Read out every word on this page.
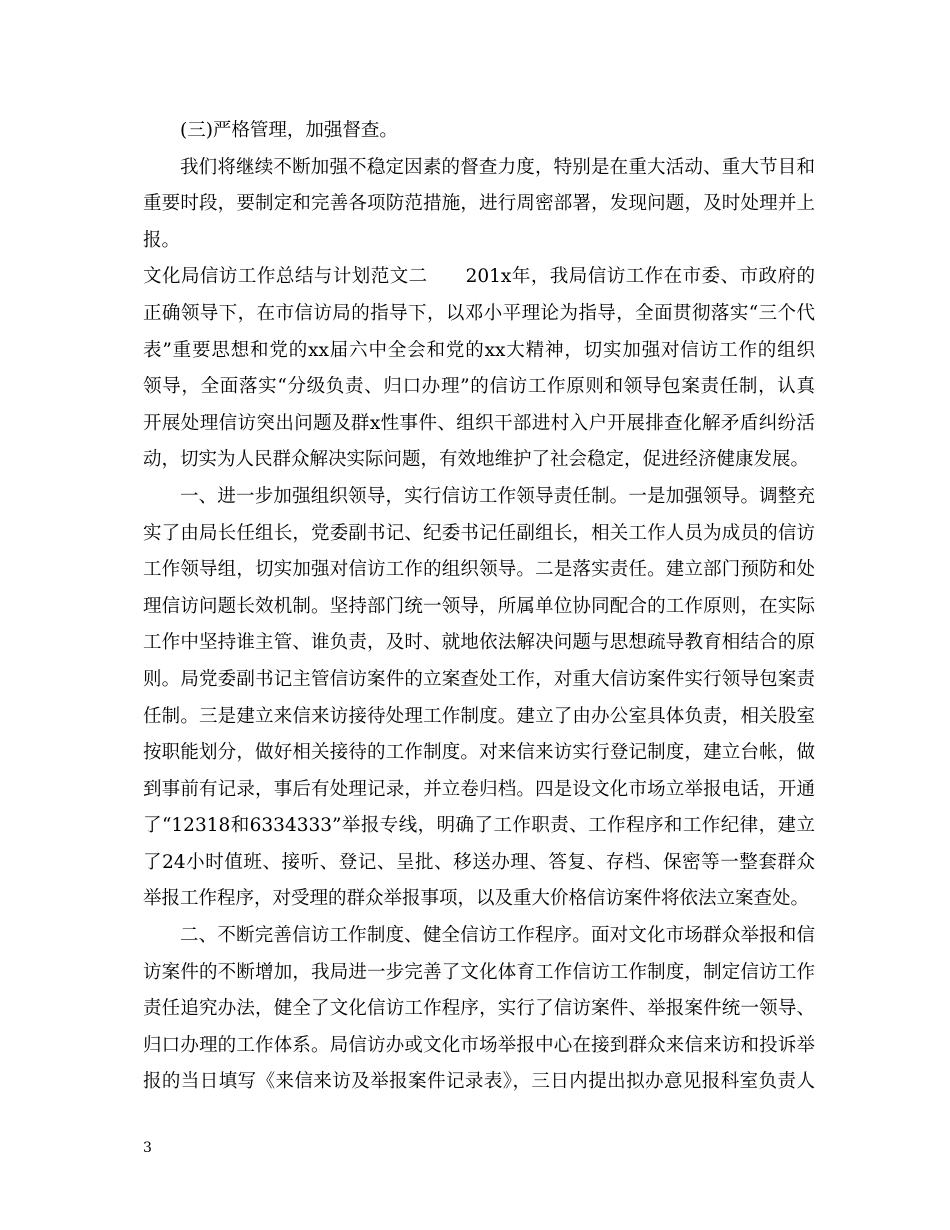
(三)严格管理，加强督查。
我们将继续不断加强不稳定因素的督查力度，特别是在重大活动、重大节目和
重要时段，要制定和完善各项防范措施，进行周密部署，发现问题，及时处理并上
报。
文化局信访工作总结与计划范文二　　201x年，我局信访工作在市委、市政府的
正确领导下，在市信访局的指导下，以邓小平理论为指导，全面贯彻落实“三个代
表”重要思想和党的xx届六中全会和党的xx大精神，切实加强对信访工作的组织
领导，全面落实“分级负责、归口办理”的信访工作原则和领导包案责任制，认真
开展处理信访突出问题及群x性事件、组织干部进村入户开展排查化解矛盾纠纷活
动，切实为人民群众解决实际问题，有效地维护了社会稳定，促进经济健康发展。
一、进一步加强组织领导，实行信访工作领导责任制。一是加强领导。调整充
实了由局长任组长，党委副书记、纪委书记任副组长，相关工作人员为成员的信访
工作领导组，切实加强对信访工作的组织领导。二是落实责任。建立部门预防和处
理信访问题长效机制。坚持部门统一领导，所属单位协同配合的工作原则，在实际
工作中坚持谁主管、谁负责，及时、就地依法解决问题与思想疏导教育相结合的原
则。局党委副书记主管信访案件的立案查处工作，对重大信访案件实行领导包案责
任制。三是建立来信来访接待处理工作制度。建立了由办公室具体负责，相关股室
按职能划分，做好相关接待的工作制度。对来信来访实行登记制度，建立台帐，做
到事前有记录，事后有处理记录，并立卷归档。四是设文化市场立举报电话，开通
了“12318和6334333”举报专线，明确了工作职责、工作程序和工作纪律，建立
了24小时值班、接听、登记、呈批、移送办理、答复、存档、保密等一整套群众
举报工作程序，对受理的群众举报事项，以及重大价格信访案件将依法立案查处。
二、不断完善信访工作制度、健全信访工作程序。面对文化市场群众举报和信
访案件的不断增加，我局进一步完善了文化体育工作信访工作制度，制定信访工作
责任追究办法，健全了文化信访工作程序，实行了信访案件、举报案件统一领导、
归口办理的工作体系。局信访办或文化市场举报中心在接到群众来信来访和投诉举
报的当日填写《来信来访及举报案件记录表》，三日内提出拟办意见报科室负责人
3
